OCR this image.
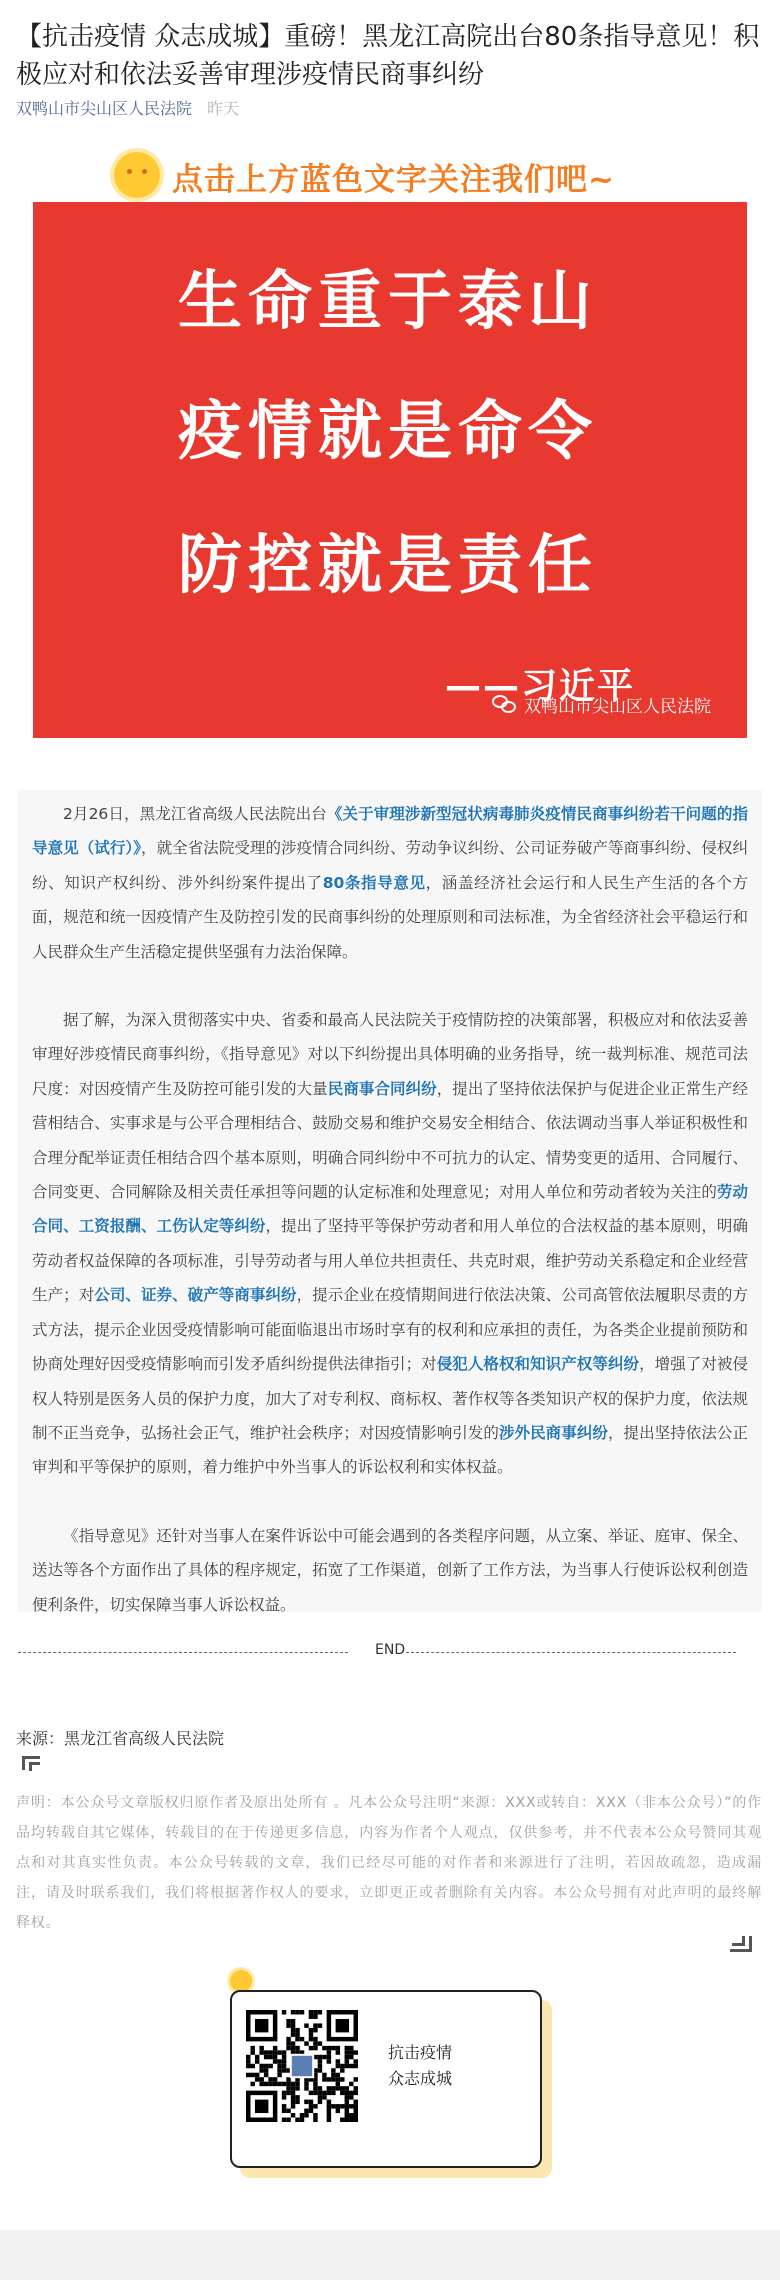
【抗击疫情 众志成城】重磅！黑龙江高院出台80条指导意见！积极应对和依法妥善审理涉疫情民商事纠纷
双鸭山市尖山区人民法院 昨天
点击上方蓝色文字关注我们吧~
生命重于泰山
疫情就是命令
防控就是责任
——习近平
双鸭山市尖山区人民法院

2月26日，黑龙江省高级人民法院出台《关于审理涉新型冠状病毒肺炎疫情民商事纠纷若干问题的指导意见（试行）》，就全省法院受理的涉疫情合同纠纷、劳动争议纠纷、公司证券破产等商事纠纷、侵权纠纷、知识产权纠纷、涉外纠纷案件提出了80条指导意见，涵盖经济社会运行和人民生产生活的各个方面，规范和统一因疫情产生及防控引发的民商事纠纷的处理原则和司法标准，为全省经济社会平稳运行和人民群众生产生活稳定提供坚强有力法治保障。

据了解，为深入贯彻落实中央、省委和最高人民法院关于疫情防控的决策部署，积极应对和依法妥善审理好涉疫情民商事纠纷，《指导意见》对以下纠纷提出具体明确的业务指导，统一裁判标准、规范司法尺度：对因疫情产生及防控可能引发的大量民商事合同纠纷，提出了坚持依法保护与促进企业正常生产经营相结合、实事求是与公平合理相结合、鼓励交易和维护交易安全相结合、依法调动当事人举证积极性和合理分配举证责任相结合四个基本原则，明确合同纠纷中不可抗力的认定、情势变更的适用、合同履行、合同变更、合同解除及相关责任承担等问题的认定标准和处理意见；对用人单位和劳动者较为关注的劳动合同、工资报酬、工伤认定等纠纷，提出了坚持平等保护劳动者和用人单位的合法权益的基本原则，明确劳动者权益保障的各项标准，引导劳动者与用人单位共担责任、共克时艰，维护劳动关系稳定和企业经营生产；对公司、证券、破产等商事纠纷，提示企业在疫情期间进行依法决策、公司高管依法履职尽责的方式方法，提示企业因受疫情影响可能面临退出市场时享有的权利和应承担的责任，为各类企业提前预防和协商处理好因受疫情影响而引发矛盾纠纷提供法律指引；对侵犯人格权和知识产权等纠纷，增强了对被侵权人特别是医务人员的保护力度，加大了对专利权、商标权、著作权等各类知识产权的保护力度，依法规制不正当竞争，弘扬社会正气，维护社会秩序；对因疫情影响引发的涉外民商事纠纷，提出坚持依法公正审判和平等保护的原则，着力维护中外当事人的诉讼权利和实体权益。

《指导意见》还针对当事人在案件诉讼中可能会遇到的各类程序问题，从立案、举证、庭审、保全、送达等各个方面作出了具体的程序规定，拓宽了工作渠道，创新了工作方法，为当事人行使诉讼权利创造便利条件，切实保障当事人诉讼权益。

END
来源：黑龙江省高级人民法院

声明：本公众号文章版权归原作者及原出处所有 。凡本公众号注明“来源：XXX或转自：XXX（非本公众号）”的作品均转载自其它媒体，转载目的在于传递更多信息，内容为作者个人观点，仅供参考，并不代表本公众号赞同其观点和对其真实性负责。本公众号转载的文章，我们已经尽可能的对作者和来源进行了注明，若因故疏忽，造成漏注，请及时联系我们，我们将根据著作权人的要求，立即更正或者删除有关内容。本公众号拥有对此声明的最终解释权。

抗击疫情
众志成城
